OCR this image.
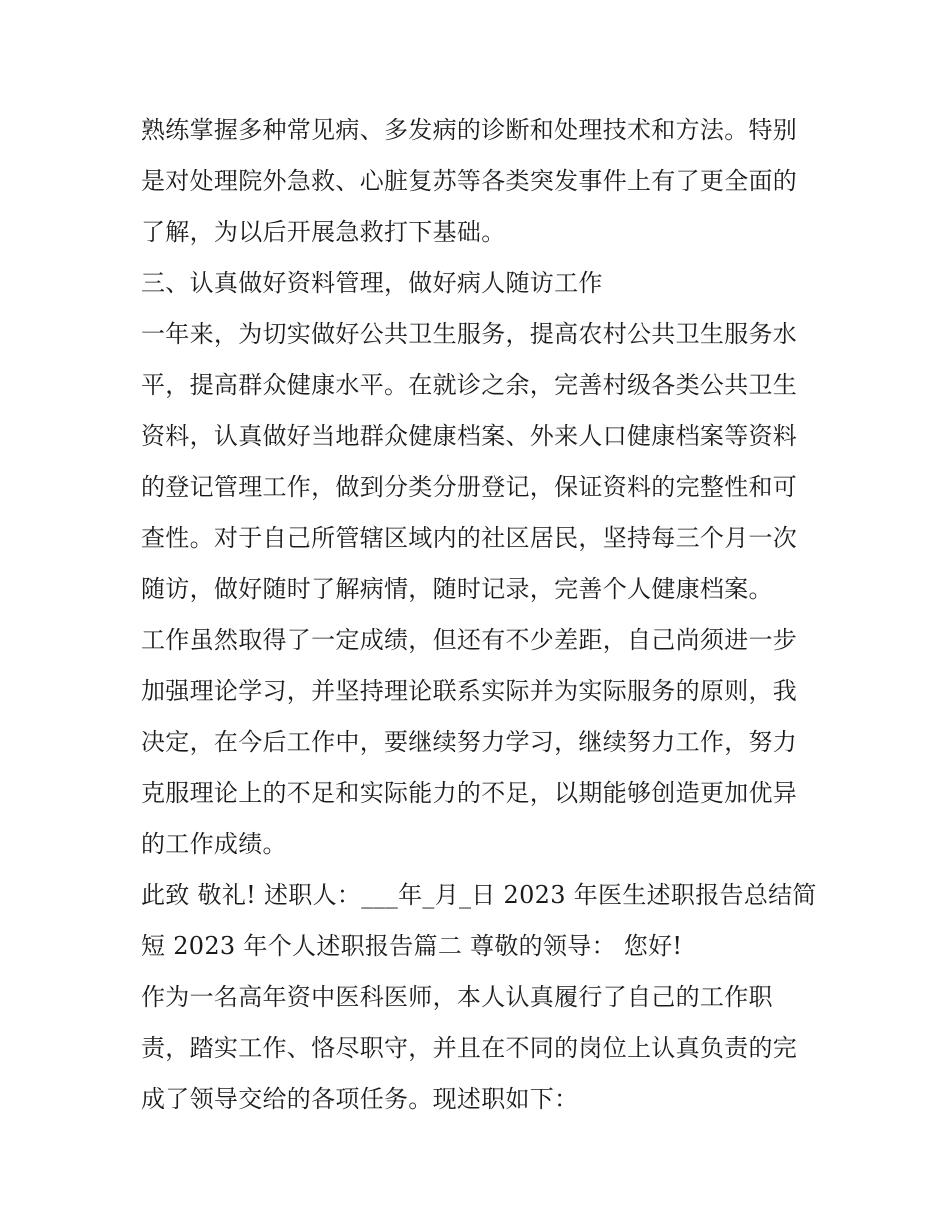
熟练掌握多种常见病、多发病的诊断和处理技术和方法。特别
是对处理院外急救、心脏复苏等各类突发事件上有了更全面的
了解，为以后开展急救打下基础。
三、认真做好资料管理，做好病人随访工作
一年来，为切实做好公共卫生服务，提高农村公共卫生服务水
平，提高群众健康水平。在就诊之余，完善村级各类公共卫生
资料，认真做好当地群众健康档案、外来人口健康档案等资料
的登记管理工作，做到分类分册登记，保证资料的完整性和可
查性。对于自己所管辖区域内的社区居民，坚持每三个月一次
随访，做好随时了解病情，随时记录，完善个人健康档案。
工作虽然取得了一定成绩，但还有不少差距，自己尚须进一步
加强理论学习，并坚持理论联系实际并为实际服务的原则，我
决定，在今后工作中，要继续努力学习，继续努力工作，努力
克服理论上的不足和实际能力的不足，以期能够创造更加优异
的工作成绩。
此致 敬礼! 述职人：___年_月_日 2023 年医生述职报告总结简
短 2023 年个人述职报告篇二 尊敬的领导： 您好!
作为一名高年资中医科医师，本人认真履行了自己的工作职
责，踏实工作、恪尽职守，并且在不同的岗位上认真负责的完
成了领导交给的各项任务。现述职如下：
